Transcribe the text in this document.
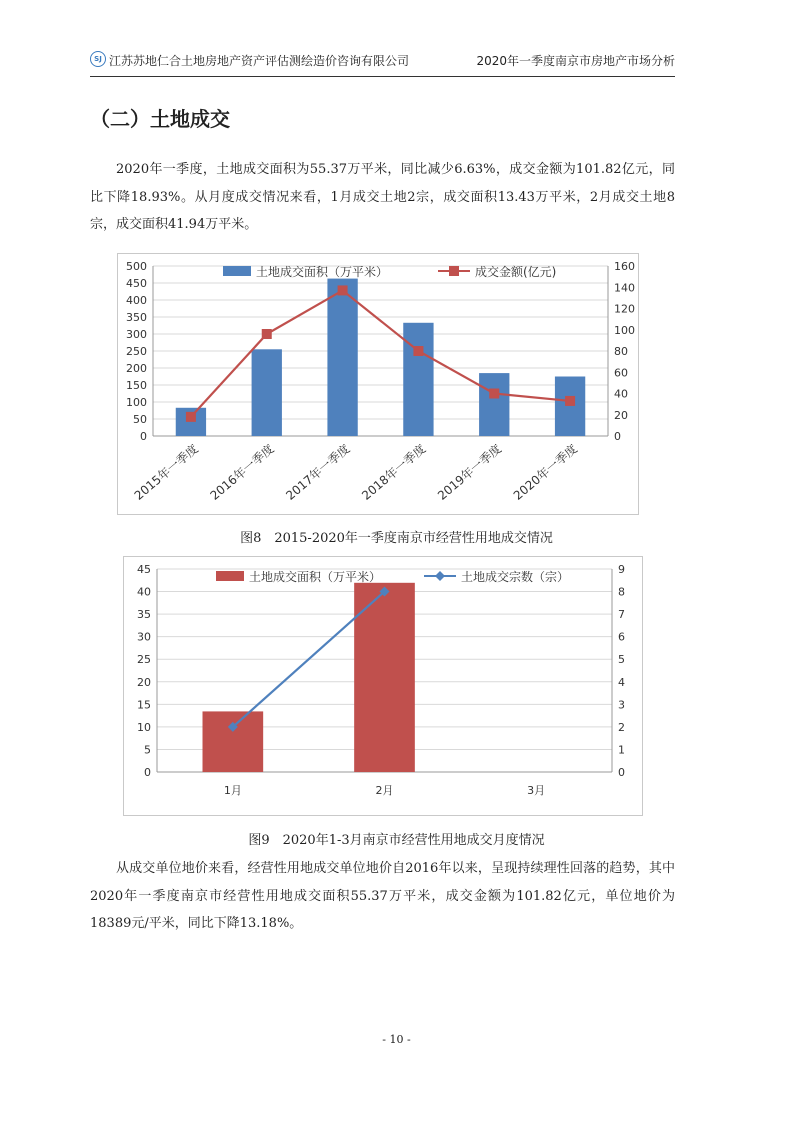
SJ 江苏苏地仁合土地房地产资产评估测绘造价咨询有限公司	2020年一季度南京市房地产市场分析
（二）土地成交
2020年一季度，土地成交面积为55.37万平米，同比减少6.63%，成交金额为101.82亿元，同比下降18.93%。从月度成交情况来看，1月成交土地2宗，成交面积13.43万平米，2月成交土地8宗，成交面积41.94万平米。
0
50
100
150
200
250
300
350
400
450
500
0
20
40
60
80
100
120
140
160
2015年一季度 2016年一季度 2017年一季度 2018年一季度 2019年一季度 2020年一季度
土地成交面积（万平米）	成交金额(亿元)
图8　2015-2020年一季度南京市经营性用地成交情况
0
5
10
15
20
25
30
35
40
45
0
1
2
3
4
5
6
7
8
9
1月	2月	3月
土地成交面积（万平米）	土地成交宗数（宗）
图9　2020年1-3月南京市经营性用地成交月度情况
从成交单位地价来看，经营性用地成交单位地价自2016年以来，呈现持续理性回落的趋势，其中2020年一季度南京市经营性用地成交面积55.37万平米，成交金额为101.82亿元，单位地价为18389元/平米，同比下降13.18%。
- 10 -
